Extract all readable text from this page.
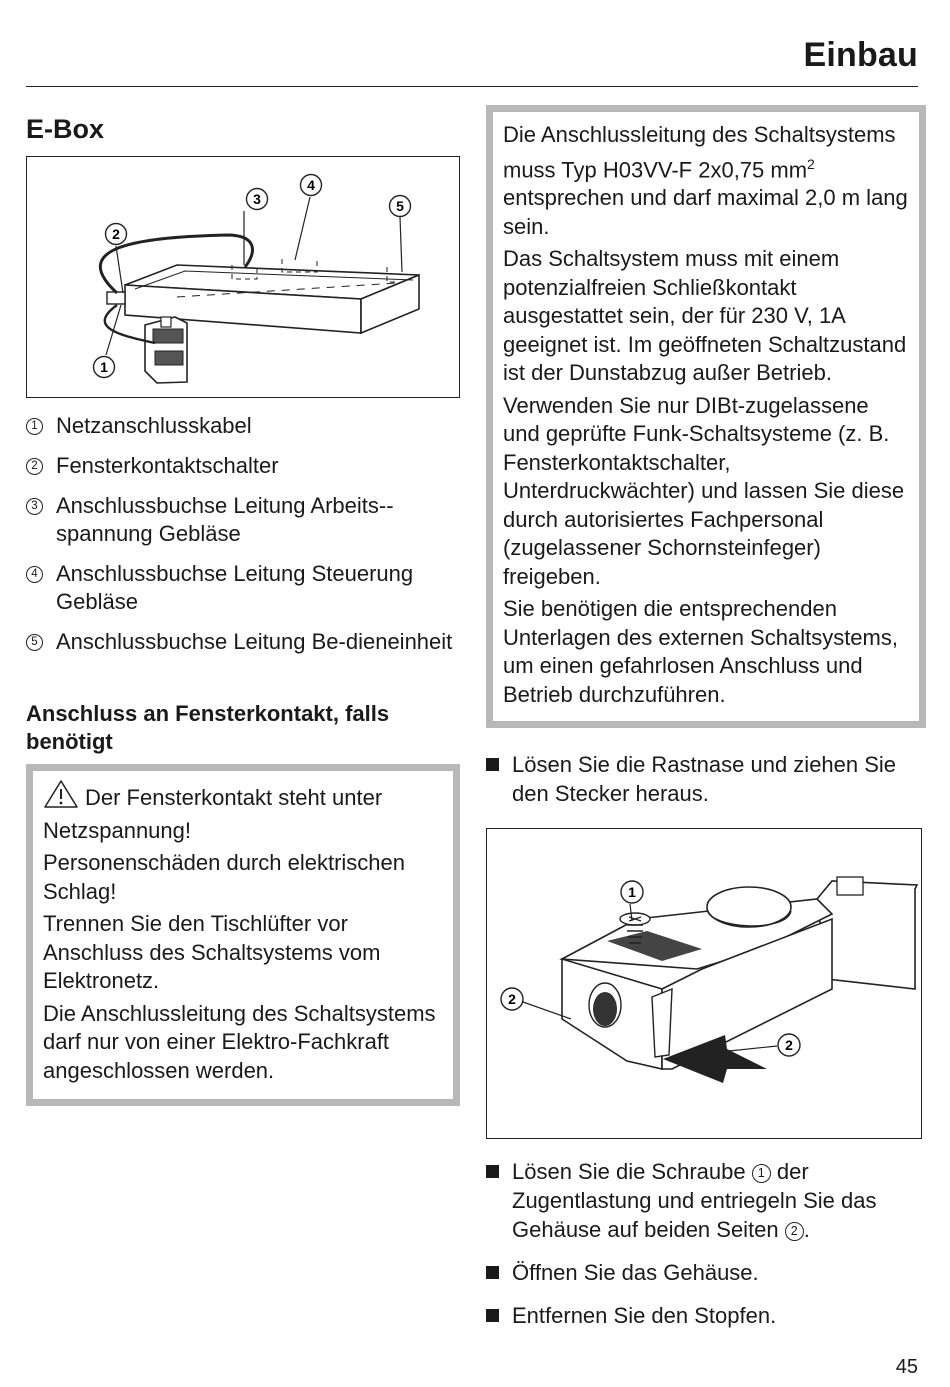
Einbau
E-Box
1
2
3
4
5
1 Netzanschlusskabel
2 Fensterkontaktschalter
3 Anschlussbuchse Leitung Arbeits-spannung Gebläse
4 Anschlussbuchse Leitung Steuerung Gebläse
5 Anschlussbuchse Leitung Be-dieneinheit
Anschluss an Fensterkontakt, falls benötigt

Der Fensterkontakt steht unter Netzspannung!

Personenschäden durch elektrischen Schlag!

Trennen Sie den Tischlüfter vor Anschluss des Schaltsystems vom Elektronetz.

Die Anschlussleitung des Schaltsystems darf nur von einer Elektro-Fachkraft angeschlossen werden.

Die Anschlussleitung des Schaltsystems muss Typ H03VV-F 2x0,75 $mm^2$ entsprechen und darf maximal 2,0 m lang sein.

Das Schaltsystem muss mit einem potenzialfreien Schließkontakt ausgestattet sein, der für 230 V, 1A geeignet ist. Im geöffneten Schaltzustand ist der Dunstabzug außer Betrieb.

Verwenden Sie nur DIBt-zugelassene und geprüfte Funk-Schaltsysteme (z. B. Fensterkontaktschalter, Unterdruckwächter) und lassen Sie diese durch autorisiertes Fachpersonal (zugelassener Schornsteinfeger) freigeben.

Sie benötigen die entsprechenden Unterlagen des externen Schaltsystems, um einen gefahrlosen Anschluss und Betrieb durchzuführen.

Lösen Sie die Rastnase und ziehen Sie den Stecker heraus.
1
2
2
Lösen Sie die Schraube 1 der Zugentlastung und entriegeln Sie das Gehäuse auf beiden Seiten 2 .
Öffnen Sie das Gehäuse.
Entfernen Sie den Stopfen.
45
